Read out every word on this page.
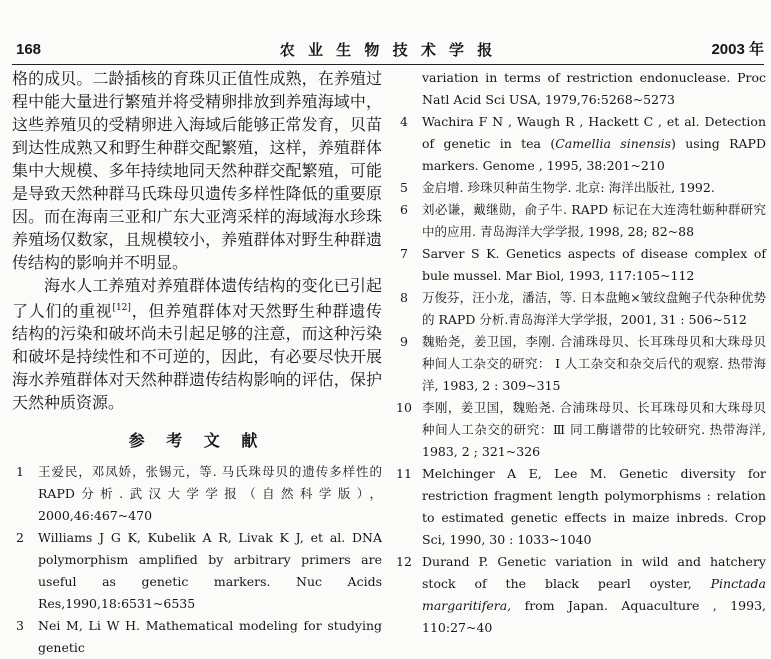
168	农 业 生 物 技 术 学 报	2003 年

格的成贝。二龄插核的育珠贝正值性成熟，在养殖过程中能大量进行繁殖并将受精卵排放到养殖海域中，这些养殖贝的受精卵进入海域后能够正常发育，贝苗到达性成熟又和野生种群交配繁殖，这样，养殖群体集中大规模、多年持续地同天然种群交配繁殖，可能是导致天然种群马氏珠母贝遗传多样性降低的重要原因。而在海南三亚和广东大亚湾采样的海域海水珍珠养殖场仅数家，且规模较小，养殖群体对野生种群遗传结构的影响并不明显。

海水人工养殖对养殖群体遗传结构的变化已引起了人们的重视[12]，但养殖群体对天然野生种群遗传结构的污染和破坏尚未引起足够的注意，而这种污染和破坏是持续性和不可逆的，因此，有必要尽快开展海水养殖群体对天然种群遗传结构影响的评估，保护天然种质资源。

参 考 文 献

1 王爱民，邓凤娇，张锡元，等. 马氏珠母贝的遗传多样性的RAPD分析.武汉大学学报（自然科学版），2000,46:467~470

2 Williams J G K, Kubelik A R, Livak K J, et al. DNA polymorphism amplified by arbitrary primers are useful as genetic markers. Nuc Acids Res,1990,18:6531~6535

3 Nei M, Li W H. Mathematical modeling for studying genetic

variation in terms of restriction endonuclease. Proc Natl Acid Sci USA, 1979,76:5268~5273

4 Wachira F N , Waugh R , Hackett C , et al. Detection of genetic in tea (Camellia sinensis) using RAPD markers. Genome , 1995, 38:201~210

5 金启增. 珍珠贝种苗生物学. 北京: 海洋出版社, 1992.

6 刘必谦，戴继勋，俞子牛. RAPD 标记在大连湾牡蛎种群研究中的应用. 青岛海洋大学学报, 1998, 28; 82~88

7 Sarver S K. Genetics aspects of disease complex of bule mussel. Mar Biol, 1993, 117:105~112

8 万俊芬，汪小龙，潘洁，等. 日本盘鲍×皱纹盘鲍子代杂种优势的 RAPD 分析.青岛海洋大学学报，2001, 31 : 506~512

9 魏贻尧，姜卫国，李刚. 合浦珠母贝、长耳珠母贝和大珠母贝种间人工杂交的研究： Ⅰ 人工杂交和杂交后代的观察. 热带海洋, 1983, 2 : 309~315

10 李刚，姜卫国，魏贻尧. 合浦珠母贝、长耳珠母贝和大珠母贝种间人工杂交的研究：Ⅲ 同工酶谱带的比较研究. 热带海洋, 1983, 2 ; 321~326

11 Melchinger A E, Lee M. Genetic diversity for restriction fragment length polymorphisms : relation to estimated genetic effects in maize inbreds. Crop Sci, 1990, 30 : 1033~1040

12 Durand P. Genetic variation in wild and hatchery stock of the black pearl oyster, Pinctada margaritifera, from Japan. Aquaculture , 1993, 110:27~40
